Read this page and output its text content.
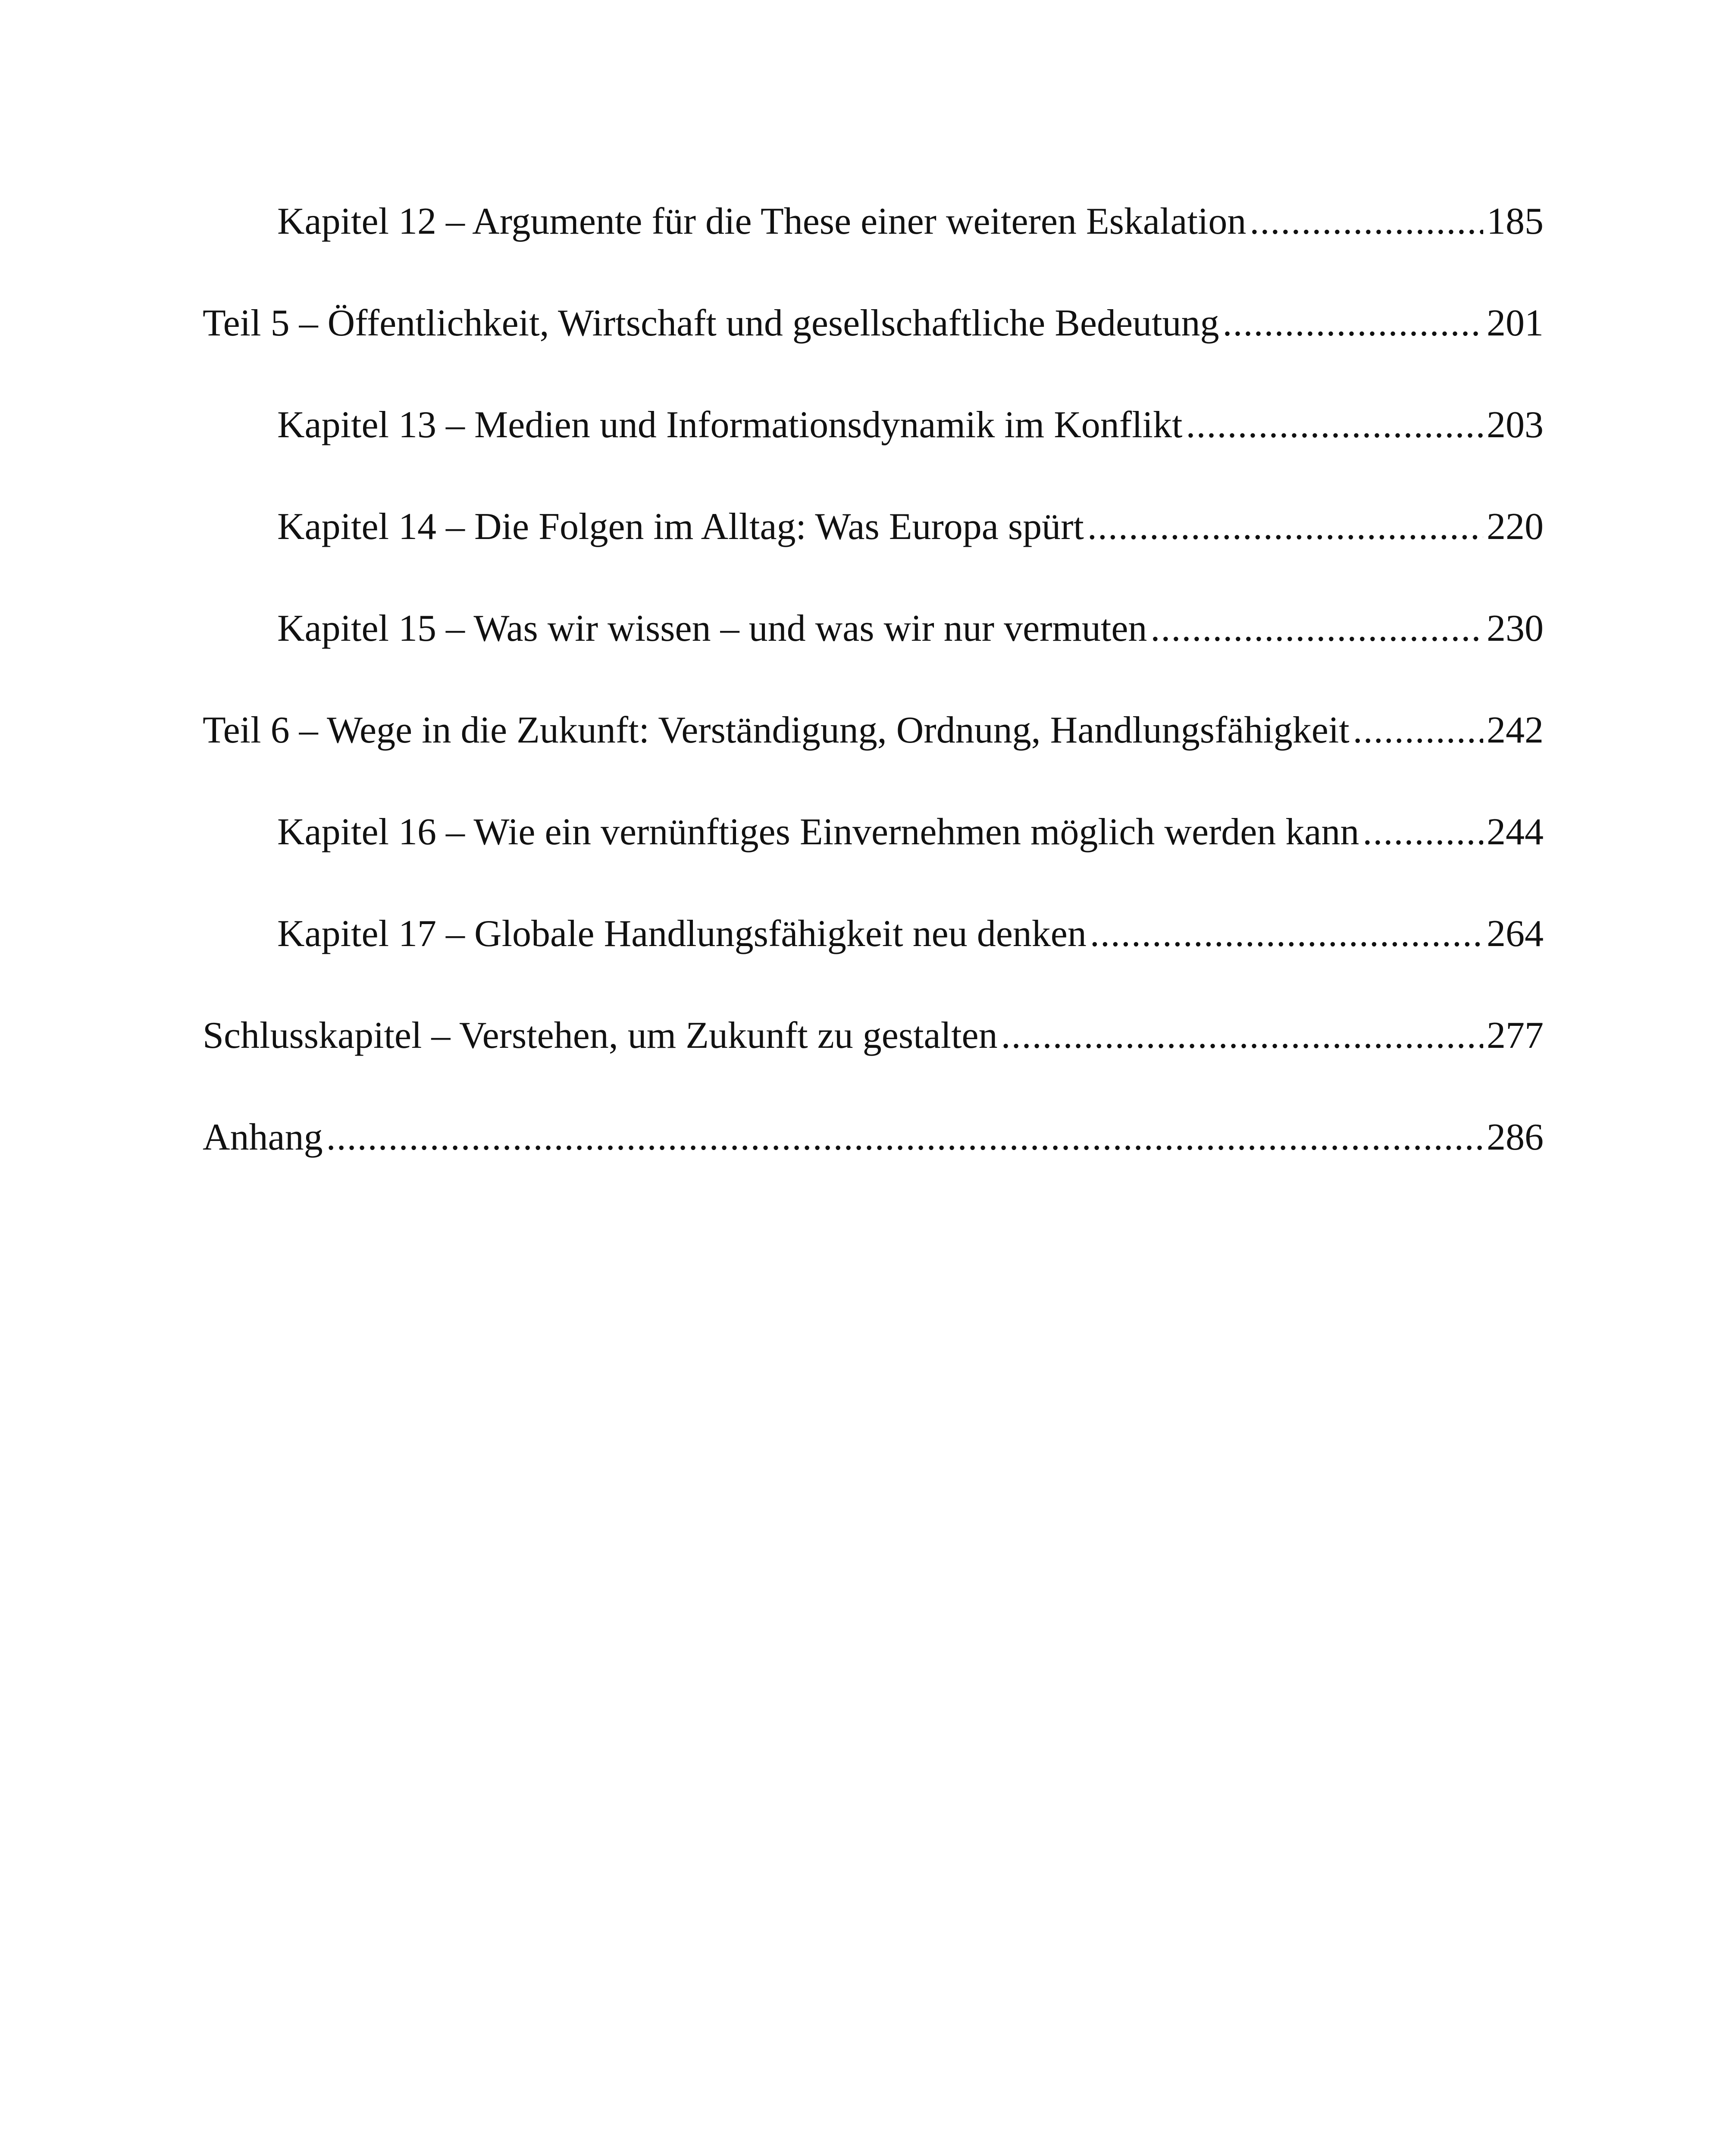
Kapitel 12 – Argumente für die These einer weiteren Eskalation .....	185
Teil 5 – Öffentlichkeit, Wirtschaft und gesellschaftliche Bedeutung .....	201
Kapitel 13 – Medien und Informationsdynamik im Konflikt .....	203
Kapitel 14 – Die Folgen im Alltag: Was Europa spürt .....	220
Kapitel 15 – Was wir wissen – und was wir nur vermuten .....	230
Teil 6 – Wege in die Zukunft: Verständigung, Ordnung, Handlungsfähigkeit .....	242
Kapitel 16 – Wie ein vernünftiges Einvernehmen möglich werden kann .....	244
Kapitel 17 – Globale Handlungsfähigkeit neu denken .....	264
Schlusskapitel – Verstehen, um Zukunft zu gestalten .....	277
Anhang .....	286
